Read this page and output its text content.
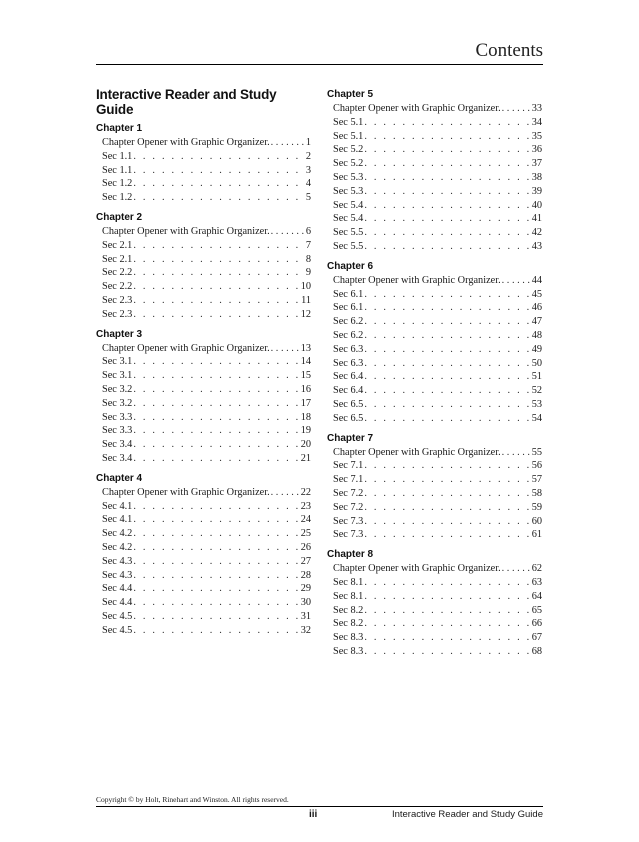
Contents
Interactive Reader and Study Guide
Chapter 1
Chapter Opener with Graphic Organizer. . . .	1
Sec 1.1 . . .	2
Sec 1.1 . . .	3
Sec 1.2 . . .	4
Sec 1.2 . . .	5
Chapter 2
Chapter Opener with Graphic Organizer. . . .	6
Sec 2.1 . . .	7
Sec 2.1 . . .	8
Sec 2.2 . . .	9
Sec 2.2 . . .	10
Sec 2.3 . . .	11
Sec 2.3 . . .	12
Chapter 3
Chapter Opener with Graphic Organizer. . . .	13
Sec 3.1 . . .	14
Sec 3.1 . . .	15
Sec 3.2 . . .	16
Sec 3.2 . . .	17
Sec 3.3 . . .	18
Sec 3.3 . . .	19
Sec 3.4 . . .	20
Sec 3.4 . . .	21
Chapter 4
Chapter Opener with Graphic Organizer. . . .	22
Sec 4.1 . . .	23
Sec 4.1 . . .	24
Sec 4.2 . . .	25
Sec 4.2 . . .	26
Sec 4.3 . . .	27
Sec 4.3 . . .	28
Sec 4.4 . . .	29
Sec 4.4 . . .	30
Sec 4.5 . . .	31
Sec 4.5 . . .	32
Chapter 5
Chapter Opener with Graphic Organizer. . . .	33
Sec 5.1 . . .	34
Sec 5.1 . . .	35
Sec 5.2 . . .	36
Sec 5.2 . . .	37
Sec 5.3 . . .	38
Sec 5.3 . . .	39
Sec 5.4 . . .	40
Sec 5.4 . . .	41
Sec 5.5 . . .	42
Sec 5.5 . . .	43
Chapter 6
Chapter Opener with Graphic Organizer. . . .	44
Sec 6.1 . . .	45
Sec 6.1 . . .	46
Sec 6.2 . . .	47
Sec 6.2 . . .	48
Sec 6.3 . . .	49
Sec 6.3 . . .	50
Sec 6.4 . . .	51
Sec 6.4 . . .	52
Sec 6.5 . . .	53
Sec 6.5 . . .	54
Chapter 7
Chapter Opener with Graphic Organizer. . . .	55
Sec 7.1 . . .	56
Sec 7.1 . . .	57
Sec 7.2 . . .	58
Sec 7.2 . . .	59
Sec 7.3 . . .	60
Sec 7.3 . . .	61
Chapter 8
Chapter Opener with Graphic Organizer. . . .	62
Sec 8.1 . . .	63
Sec 8.1 . . .	64
Sec 8.2 . . .	65
Sec 8.2 . . .	66
Sec 8.3 . . .	67
Sec 8.3 . . .	68
Copyright © by Holt, Rinehart and Winston. All rights reserved.
iii	Interactive Reader and Study Guide
